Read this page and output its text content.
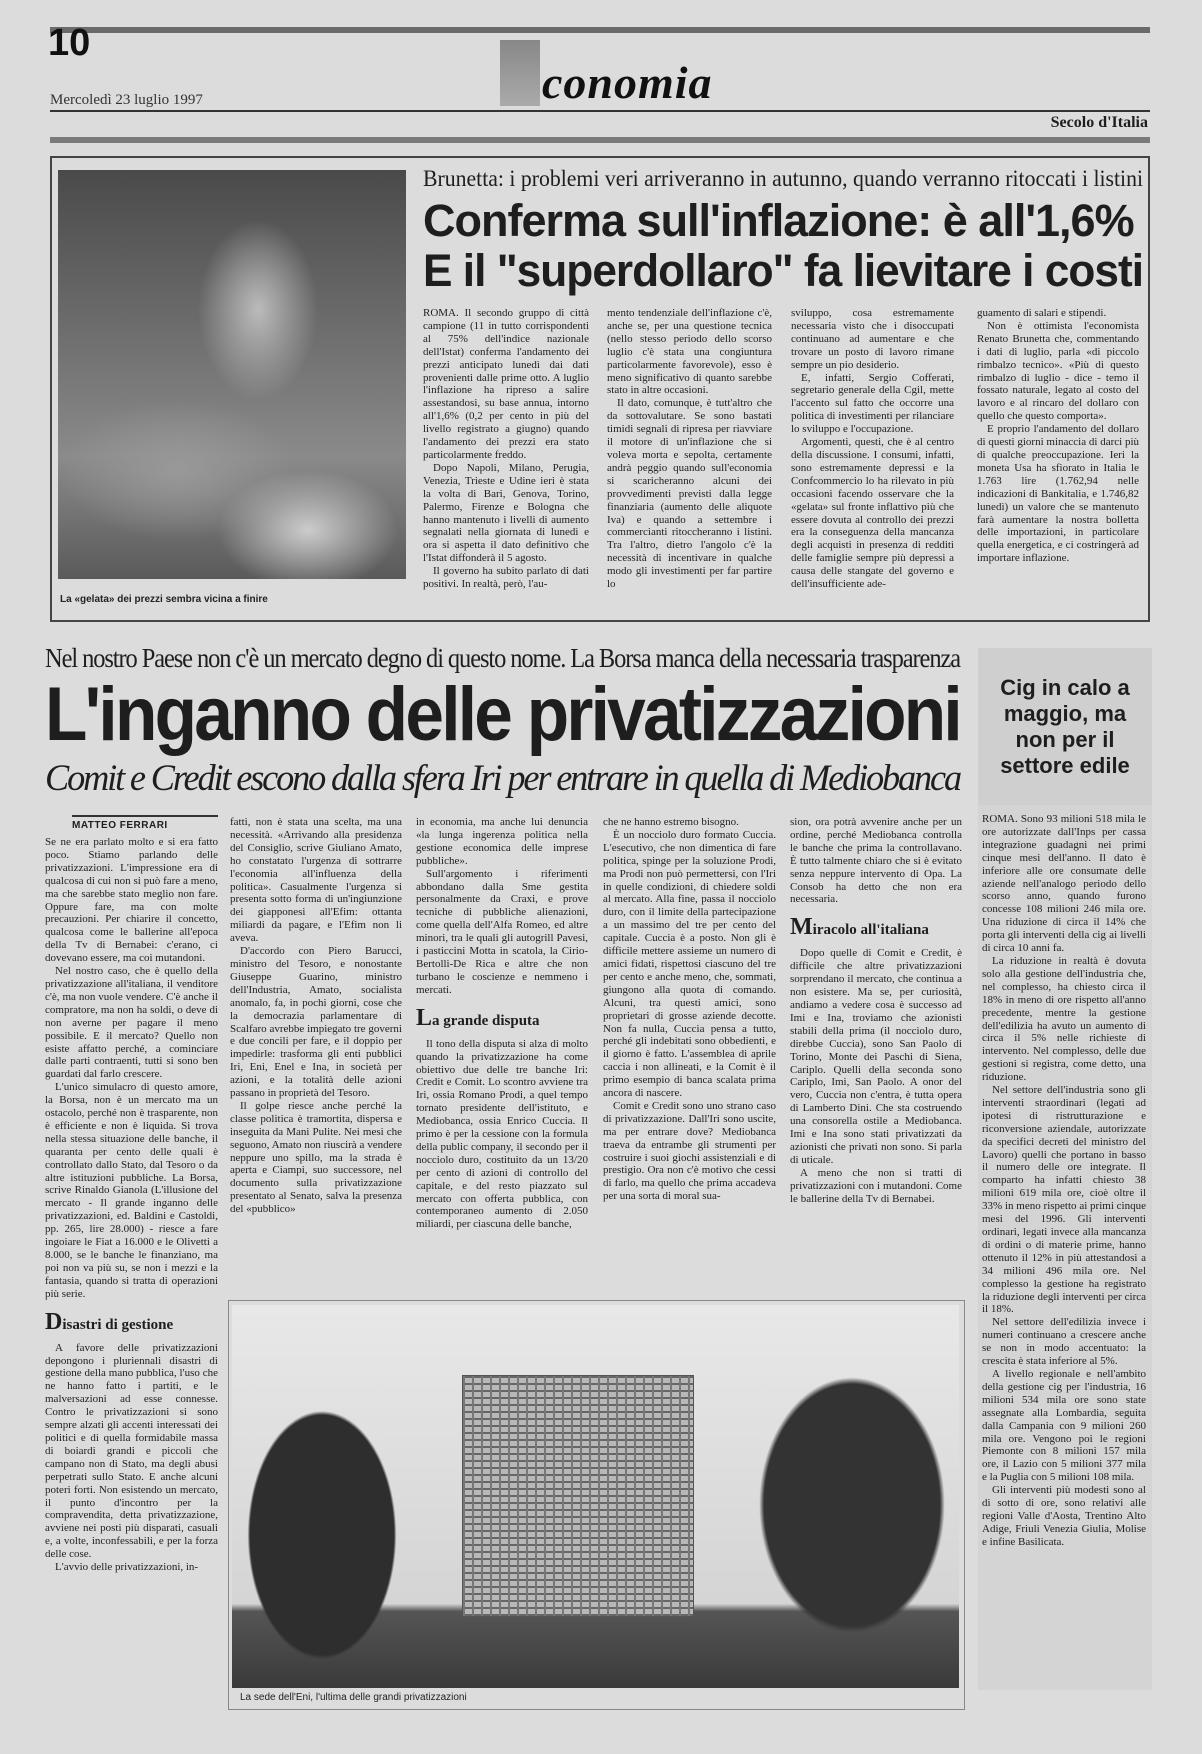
10
conomia
Mercoledì 23 luglio 1997
Secolo d'Italia
La «gelata» dei prezzi sembra vicina a finire
Brunetta: i problemi veri arriveranno in autunno, quando verranno ritoccati i listini
Conferma sull'inflazione: è all'1,6%
E il "superdollaro" fa lievitare i costi

ROMA. Il secondo gruppo di città campione (11 in tutto corrispondenti al 75% dell'indice nazionale dell'Istat) conferma l'andamento dei prezzi anticipato lunedì dai dati provenienti dalle prime otto. A luglio l'inflazione ha ripreso a salire assestandosi, su base annua, intorno all'1,6% (0,2 per cento in più del livello registrato a giugno) quando l'andamento dei prezzi era stato particolarmente freddo.

Dopo Napoli, Milano, Perugia, Venezia, Trieste e Udine ieri è stata la volta di Bari, Genova, Torino, Palermo, Firenze e Bologna che hanno mantenuto i livelli di aumento segnalati nella giornata di lunedì e ora si aspetta il dato definitivo che l'Istat diffonderà il 5 agosto.

Il governo ha subito parlato di dati positivi. In realtà, però, l'au-

mento tendenziale dell'inflazione c'è, anche se, per una questione tecnica (nello stesso periodo dello scorso luglio c'è stata una congiuntura particolarmente favorevole), esso è meno significativo di quanto sarebbe stato in altre occasioni.

Il dato, comunque, è tutt'altro che da sottovalutare. Se sono bastati timidi segnali di ripresa per riavviare il motore di un'inflazione che si voleva morta e sepolta, certamente andrà peggio quando sull'economia si scaricheranno alcuni dei provvedimenti previsti dalla legge finanziaria (aumento delle aliquote Iva) e quando a settembre i commercianti ritoccheranno i listini. Tra l'altro, dietro l'angolo c'è la necessità di incentivare in qualche modo gli investimenti per far partire lo

sviluppo, cosa estremamente necessaria visto che i disoccupati continuano ad aumentare e che trovare un posto di lavoro rimane sempre un pio desiderio.

E, infatti, Sergio Cofferati, segretario generale della Cgil, mette l'accento sul fatto che occorre una politica di investimenti per rilanciare lo sviluppo e l'occupazione.

Argomenti, questi, che è al centro della discussione. I consumi, infatti, sono estremamente depressi e la Confcommercio lo ha rilevato in più occasioni facendo osservare che la «gelata» sul fronte inflattivo più che essere dovuta al controllo dei prezzi era la conseguenza della mancanza degli acquisti in presenza di redditi delle famiglie sempre più depressi a causa delle stangate del governo e dell'insufficiente ade-

guamento di salari e stipendi.

Non è ottimista l'economista Renato Brunetta che, commentando i dati di luglio, parla «di piccolo rimbalzo tecnico». «Più di questo rimbalzo di luglio - dice - temo il fossato naturale, legato al costo del lavoro e al rincaro del dollaro con quello che questo comporta».

E proprio l'andamento del dollaro di questi giorni minaccia di darci più di qualche preoccupazione. Ieri la moneta Usa ha sfiorato in Italia le 1.763 lire (1.762,94 nelle indicazioni di Bankitalia, e 1.746,82 lunedì) un valore che se mantenuto farà aumentare la nostra bolletta delle importazioni, in particolare quella energetica, e ci costringerà ad importare inflazione.

Nel nostro Paese non c'è un mercato degno di questo nome. La Borsa manca della necessaria trasparenza
L'inganno delle privatizzazioni
Comit e Credit escono dalla sfera Iri per entrare in quella di Mediobanca
MATTEO FERRARI

Se ne era parlato molto e si era fatto poco. Stiamo parlando delle privatizzazioni. L'impressione era di qualcosa di cui non si può fare a meno, ma che sarebbe stato meglio non fare. Oppure fare, ma con molte precauzioni. Per chiarire il concetto, qualcosa come le ballerine all'epoca della Tv di Bernabei: c'erano, ci dovevano essere, ma coi mutandoni.

Nel nostro caso, che è quello della privatizzazione all'italiana, il venditore c'è, ma non vuole vendere. C'è anche il compratore, ma non ha soldi, o deve di non averne per pagare il meno possibile. E il mercato? Quello non esiste affatto perché, a cominciare dalle parti contraenti, tutti si sono ben guardati dal farlo crescere.

L'unico simulacro di questo amore, la Borsa, non è un mercato ma un ostacolo, perché non è trasparente, non è efficiente e non è liquida. Si trova nella stessa situazione delle banche, il quaranta per cento delle quali è controllato dallo Stato, dal Tesoro o da altre istituzioni pubbliche. La Borsa, scrive Rinaldo Gianola (L'illusione del mercato - Il grande inganno delle privatizzazioni, ed. Baldini e Castoldi, pp. 265, lire 28.000) - riesce a fare ingoiare le Fiat a 16.000 e le Olivetti a 8.000, se le banche le finanziano, ma poi non va più su, se non i mezzi e la fantasia, quando si tratta di operazioni più serie.

Disastri di gestione

A favore delle privatizzazioni depongono i pluriennali disastri di gestione della mano pubblica, l'uso che ne hanno fatto i partiti, e le malversazioni ad esse connesse. Contro le privatizzazioni si sono sempre alzati gli accenti interessati dei politici e di quella formidabile massa di boiardi grandi e piccoli che campano non di Stato, ma degli abusi perpetrati sullo Stato. E anche alcuni poteri forti. Non esistendo un mercato, il punto d'incontro per la compravendita, detta privatizzazione, avviene nei posti più disparati, casuali e, a volte, inconfessabili, e per la forza delle cose.

L'avvio delle privatizzazioni, in-

fatti, non è stata una scelta, ma una necessità. «Arrivando alla presidenza del Consiglio, scrive Giuliano Amato, ho constatato l'urgenza di sottrarre l'economia all'influenza della politica». Casualmente l'urgenza si presenta sotto forma di un'ingiunzione dei giapponesi all'Efim: ottanta miliardi da pagare, e l'Efim non li aveva.

D'accordo con Piero Barucci, ministro del Tesoro, e nonostante Giuseppe Guarino, ministro dell'Industria, Amato, socialista anomalo, fa, in pochi giorni, cose che la democrazia parlamentare di Scalfaro avrebbe impiegato tre governi e due concili per fare, e il doppio per impedirle: trasforma gli enti pubblici Iri, Eni, Enel e Ina, in società per azioni, e la totalità delle azioni passano in proprietà del Tesoro.

Il golpe riesce anche perché la classe politica è tramortita, dispersa e inseguita da Mani Pulite. Nei mesi che seguono, Amato non riuscirà a vendere neppure uno spillo, ma la strada è aperta e Ciampi, suo successore, nel documento sulla privatizzazione presentato al Senato, salva la presenza del «pubblico»

in economia, ma anche lui denuncia «la lunga ingerenza politica nella gestione economica delle imprese pubbliche».

Sull'argomento i riferimenti abbondano dalla Sme gestita personalmente da Craxi, e prove tecniche di pubbliche alienazioni, come quella dell'Alfa Romeo, ed altre minori, tra le quali gli autogrill Pavesi, i pasticcini Motta in scatola, la Cirio-Bertolli-De Rica e altre che non turbano le coscienze e nemmeno i mercati.

La grande disputa

Il tono della disputa si alza di molto quando la privatizzazione ha come obiettivo due delle tre banche Iri: Credit e Comit. Lo scontro avviene tra Iri, ossia Romano Prodi, a quel tempo tornato presidente dell'istituto, e Mediobanca, ossia Enrico Cuccia. Il primo è per la cessione con la formula della public company, il secondo per il nocciolo duro, costituito da un 13/20 per cento di azioni di controllo del capitale, e del resto piazzato sul mercato con offerta pubblica, con contemporaneo aumento di 2.050 miliardi, per ciascuna delle banche,

che ne hanno estremo bisogno.

È un nocciolo duro formato Cuccia. L'esecutivo, che non dimentica di fare politica, spinge per la soluzione Prodi, ma Prodi non può permettersi, con l'Iri in quelle condizioni, di chiedere soldi al mercato. Alla fine, passa il nocciolo duro, con il limite della partecipazione a un massimo del tre per cento del capitale. Cuccia è a posto. Non gli è difficile mettere assieme un numero di amici fidati, rispettosi ciascuno del tre per cento e anche meno, che, sommati, giungono alla quota di comando. Alcuni, tra questi amici, sono proprietari di grosse aziende decotte. Non fa nulla, Cuccia pensa a tutto, perché gli indebitati sono obbedienti, e il giorno è fatto. L'assemblea di aprile caccia i non allineati, e la Comit è il primo esempio di banca scalata prima ancora di nascere.

Comit e Credit sono uno strano caso di privatizzazione. Dall'Iri sono uscite, ma per entrare dove? Mediobanca traeva da entrambe gli strumenti per costruire i suoi giochi assistenziali e di prestigio. Ora non c'è motivo che cessi di farlo, ma quello che prima accadeva per una sorta di moral sua-

sion, ora potrà avvenire anche per un ordine, perché Mediobanca controlla le banche che prima la controllavano. È tutto talmente chiaro che si è evitato senza neppure intervento di Opa. La Consob ha detto che non era necessaria.

Miracolo all'italiana

Dopo quelle di Comit e Credit, è difficile che altre privatizzazioni sorprendano il mercato, che continua a non esistere. Ma se, per curiosità, andiamo a vedere cosa è successo ad Imi e Ina, troviamo che azionisti stabili della prima (il nocciolo duro, direbbe Cuccia), sono San Paolo di Torino, Monte dei Paschi di Siena, Cariplo. Quelli della seconda sono Cariplo, Imi, San Paolo. A onor del vero, Cuccia non c'entra, è tutta opera di Lamberto Dini. Che sta costruendo una consorella ostile a Mediobanca. Imi e Ina sono stati privatizzati da azionisti che privati non sono. Si parla di uticale.

A meno che non si tratti di privatizzazioni con i mutandoni. Come le ballerine della Tv di Bernabei.

La sede dell'Eni, l'ultima delle grandi privatizzazioni
Cig in calo a maggio, ma non per il settore edile

ROMA. Sono 93 milioni 518 mila le ore autorizzate dall'Inps per cassa integrazione guadagni nei primi cinque mesi dell'anno. Il dato è inferiore alle ore consumate delle aziende nell'analogo periodo dello scorso anno, quando furono concesse 108 milioni 246 mila ore. Una riduzione di circa il 14% che porta gli interventi della cig ai livelli di circa 10 anni fa.

La riduzione in realtà è dovuta solo alla gestione dell'industria che, nel complesso, ha chiesto circa il 18% in meno di ore rispetto all'anno precedente, mentre la gestione dell'edilizia ha avuto un aumento di circa il 5% nelle richieste di intervento. Nel complesso, delle due gestioni si registra, come detto, una riduzione.

Nel settore dell'industria sono gli interventi straordinari (legati ad ipotesi di ristrutturazione e riconversione aziendale, autorizzate da specifici decreti del ministro del Lavoro) quelli che portano in basso il numero delle ore integrate. Il comparto ha infatti chiesto 38 milioni 619 mila ore, cioè oltre il 33% in meno rispetto ai primi cinque mesi del 1996. Gli interventi ordinari, legati invece alla mancanza di ordini o di materie prime, hanno ottenuto il 12% in più attestandosi a 34 milioni 496 mila ore. Nel complesso la gestione ha registrato la riduzione degli interventi per circa il 18%.

Nel settore dell'edilizia invece i numeri continuano a crescere anche se non in modo accentuato: la crescita è stata inferiore al 5%.

A livello regionale e nell'ambito della gestione cig per l'industria, 16 milioni 534 mila ore sono state assegnate alla Lombardia, seguita dalla Campania con 9 milioni 260 mila ore. Vengono poi le regioni Piemonte con 8 milioni 157 mila ore, il Lazio con 5 milioni 377 mila e la Puglia con 5 milioni 108 mila.

Gli interventi più modesti sono al di sotto di ore, sono relativi alle regioni Valle d'Aosta, Trentino Alto Adige, Friuli Venezia Giulia, Molise e infine Basilicata.
